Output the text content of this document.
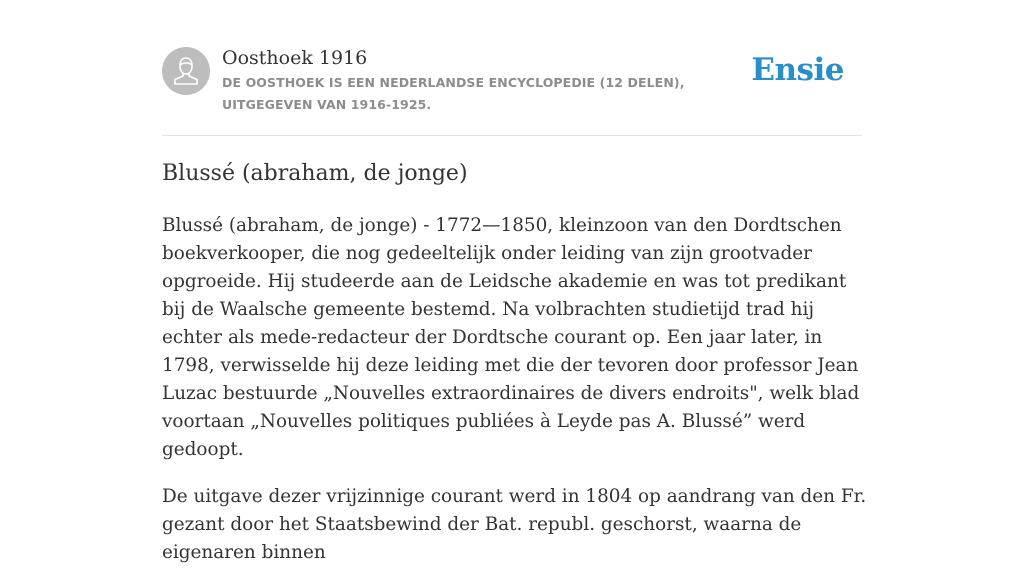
Oosthoek 1916
DE OOSTHOEK IS EEN NEDERLANDSE ENCYCLOPEDIE (12 DELEN), UITGEGEVEN VAN 1916-1925.
Ensie
Blussé (abraham, de jonge)

Blussé (abraham, de jonge) - 1772—1850, kleinzoon van den Dordtschen boekverkooper, die nog gedeeltelijk onder leiding van zijn grootvader opgroeide. Hij studeerde aan de Leidsche akademie en was tot predikant bij de Waalsche gemeente bestemd. Na volbrachten studietijd trad hij echter als mede-redacteur der Dordtsche courant op. Een jaar later, in 1798, verwisselde hij deze leiding met die der tevoren door professor Jean Luzac bestuurde „Nouvelles extraordinaires de divers endroits", welk blad voortaan „Nouvelles politiques publiées à Leyde pas A. Blussé” werd gedoopt.

De uitgave dezer vrijzinnige courant werd in 1804 op aandrang van den Fr. gezant door het Staatsbewind der Bat. republ. geschorst, waarna de eigenaren binnen
